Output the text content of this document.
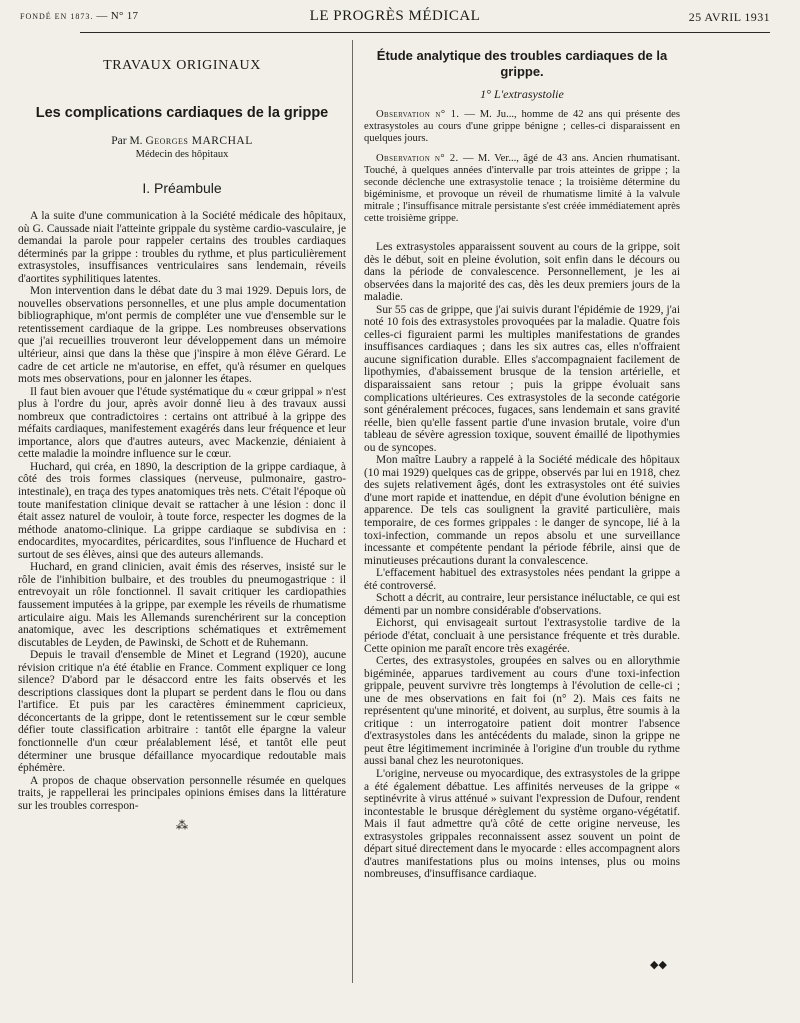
FONDÉ EN 1873. — N° 17	LE PROGRÈS MÉDICAL	25 AVRIL 1931
TRAVAUX ORIGINAUX
Les complications cardiaques de la grippe
Par M. Georges MARCHAL
Médecin des hôpitaux
I. Préambule

A la suite d'une communication à la Société médicale des hôpitaux, où G. Caussade niait l'atteinte grippale du système cardio-vasculaire, je demandai la parole pour rappeler certains des troubles cardiaques déterminés par la grippe : troubles du rythme, et plus particulièrement extrasystoles, insuffisances ventriculaires sans lendemain, réveils d'aortites syphilitiques latentes.

Mon intervention dans le débat date du 3 mai 1929. Depuis lors, de nouvelles observations personnelles, et une plus ample documentation bibliographique, m'ont permis de compléter une vue d'ensemble sur le retentissement cardiaque de la grippe. Les nombreuses observations que j'ai recueillies trouveront leur développement dans un mémoire ultérieur, ainsi que dans la thèse que j'inspire à mon élève Gérard. Le cadre de cet article ne m'autorise, en effet, qu'à résumer en quelques mots mes observations, pour en jalonner les étapes.

Il faut bien avouer que l'étude systématique du « cœur grippal » n'est plus à l'ordre du jour, après avoir donné lieu à des travaux aussi nombreux que contradictoires : certains ont attribué à la grippe des méfaits cardiaques, manifestement exagérés dans leur fréquence et leur importance, alors que d'autres auteurs, avec Mackenzie, déniaient à cette maladie la moindre influence sur le cœur.

Huchard, qui créa, en 1890, la description de la grippe cardiaque, à côté des trois formes classiques (nerveuse, pulmonaire, gastro-intestinale), en traça des types anatomiques très nets. C'était l'époque où toute manifestation clinique devait se rattacher à une lésion : donc il était assez naturel de vouloir, à toute force, respecter les dogmes de la méthode anatomo-clinique. La grippe cardiaque se subdivisa en : endocardites, myocardites, péricardites, sous l'influence de Huchard et surtout de ses élèves, ainsi que des auteurs allemands.

Huchard, en grand clinicien, avait émis des réserves, insisté sur le rôle de l'inhibition bulbaire, et des troubles du pneumogastrique : il entrevoyait un rôle fonctionnel. Il savait critiquer les cardiopathies faussement imputées à la grippe, par exemple les réveils de rhumatisme articulaire aigu. Mais les Allemands surenchérirent sur la conception anatomique, avec les descriptions schématiques et extrêmement discutables de Leyden, de Pawinski, de Schott et de Ruhemann.

Depuis le travail d'ensemble de Minet et Legrand (1920), aucune révision critique n'a été établie en France. Comment expliquer ce long silence? D'abord par le désaccord entre les faits observés et les descriptions classiques dont la plupart se perdent dans le flou ou dans l'artifice. Et puis par les caractères éminemment capricieux, déconcertants de la grippe, dont le retentissement sur le cœur semble défier toute classification arbitraire : tantôt elle épargne la valeur fonctionnelle d'un cœur préalablement lésé, et tantôt elle peut déterminer une brusque défaillance myocardique redoutable mais éphémère.

A propos de chaque observation personnelle résumée en quelques traits, je rappellerai les principales opinions émises dans la littérature sur les troubles correspon-

⁂
Étude analytique des troubles cardiaques de la grippe.
1° L'extrasystolie

Observation n° 1. — M. Ju..., homme de 42 ans qui présente des extrasystoles au cours d'une grippe bénigne ; celles-ci disparaissent en quelques jours.

Observation n° 2. — M. Ver..., âgé de 43 ans. Ancien rhumatisant. Touché, à quelques années d'intervalle par trois atteintes de grippe ; la seconde déclenche une extrasystolie tenace ; la troisième détermine du bigéminisme, et provoque un réveil de rhumatisme limité à la valvule mitrale ; l'insuffisance mitrale persistante s'est créée immédiatement après cette troisième grippe.

Les extrasystoles apparaissent souvent au cours de la grippe, soit dès le début, soit en pleine évolution, soit enfin dans le décours ou dans la période de convalescence. Personnellement, je les ai observées dans la majorité des cas, dès les deux premiers jours de la maladie.

Sur 55 cas de grippe, que j'ai suivis durant l'épidémie de 1929, j'ai noté 10 fois des extrasystoles provoquées par la maladie. Quatre fois celles-ci figuraient parmi les multiples manifestations de grandes insuffisances cardiaques ; dans les six autres cas, elles n'offraient aucune signification durable. Elles s'accompagnaient facilement de lipothymies, d'abaissement brusque de la tension artérielle, et disparaissaient sans retour ; puis la grippe évoluait sans complications ultérieures. Ces extrasystoles de la seconde catégorie sont généralement précoces, fugaces, sans lendemain et sans gravité réelle, bien qu'elle fassent partie d'une invasion brutale, voire d'un tableau de sévère agression toxique, souvent émaillé de lipothymies ou de syncopes.

Mon maître Laubry a rappelé à la Société médicale des hôpitaux (10 mai 1929) quelques cas de grippe, observés par lui en 1918, chez des sujets relativement âgés, dont les extrasystoles ont été suivies d'une mort rapide et inattendue, en dépit d'une évolution bénigne en apparence. De tels cas soulignent la gravité particulière, mais temporaire, de ces formes grippales : le danger de syncope, lié à la toxi-infection, commande un repos absolu et une surveillance incessante et compétente pendant la période fébrile, ainsi que de minutieuses précautions durant la convalescence.

L'effacement habituel des extrasystoles nées pendant la grippe a été controversé.

Schott a décrit, au contraire, leur persistance inéluctable, ce qui est démenti par un nombre considérable d'observations.

Eichorst, qui envisageait surtout l'extrasystolie tardive de la période d'état, concluait à une persistance fréquente et très durable. Cette opinion me paraît encore très exagérée.

Certes, des extrasystoles, groupées en salves ou en allorythmie bigéminée, apparues tardivement au cours d'une toxi-infection grippale, peuvent survivre très longtemps à l'évolution de celle-ci ; une de mes observations en fait foi (n° 2). Mais ces faits ne représentent qu'une minorité, et doivent, au surplus, être soumis à la critique : un interrogatoire patient doit montrer l'absence d'extrasystoles dans les antécédents du malade, sinon la grippe ne peut être légitimement incriminée à l'origine d'un trouble du rythme aussi banal chez les neurotoniques.

L'origine, nerveuse ou myocardique, des extrasystoles de la grippe a été également débattue. Les affinités nerveuses de la grippe « septinévrite à virus atténué » suivant l'expression de Dufour, rendent incontestable le brusque dérèglement du système organo-végétatif. Mais il faut admettre qu'à côté de cette origine nerveuse, les extrasystoles grippales reconnaissent assez souvent un point de départ situé directement dans le myocarde : elles accompagnent alors d'autres manifestations plus ou moins intenses, plus ou moins nombreuses, d'insuffisance cardiaque.

◆◆
